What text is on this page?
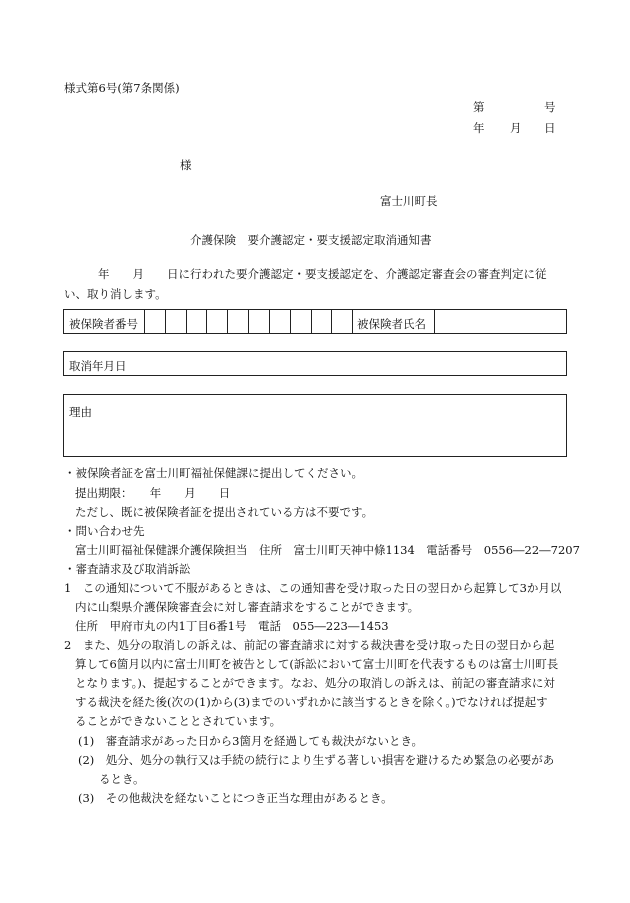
様式第6号(第7条関係)
第	号
年 月 日
様
富士川町長
介護保険　要介護認定・要支援認定取消通知書
年　　月　　日に行われた要介護認定・要支援認定を、介護認定審査会の審査判定に従
い、取り消します。
被保険者番号	被保険者氏名
取消年月日
理由
・被保険者証を富士川町福祉保健課に提出してください。
提出期限：　　年　　月　　日
ただし、既に被保険者証を提出されている方は不要です。
・問い合わせ先
富士川町福祉保健課介護保険担当　住所　富士川町天神中條1134　電話番号　0556―22―7207
・審査請求及び取消訴訟
1　この通知について不服があるときは、この通知書を受け取った日の翌日から起算して3か月以
内に山梨県介護保険審査会に対し審査請求をすることができます。
住所　甲府市丸の内1丁目6番1号　電話　055―223―1453
2　また、処分の取消しの訴えは、前記の審査請求に対する裁決書を受け取った日の翌日から起
算して6箇月以内に富士川町を被告として(訴訟において富士川町を代表するものは富士川町長
となります。)、提起することができます。なお、処分の取消しの訴えは、前記の審査請求に対
する裁決を経た後(次の(1)から(3)までのいずれかに該当するときを除く。)でなければ提起す
ることができないこととされています。
(1)　審査請求があった日から3箇月を経過しても裁決がないとき。
(2)　処分、処分の執行又は手続の続行により生ずる著しい損害を避けるため緊急の必要があ
るとき。
(3)　その他裁決を経ないことにつき正当な理由があるとき。
